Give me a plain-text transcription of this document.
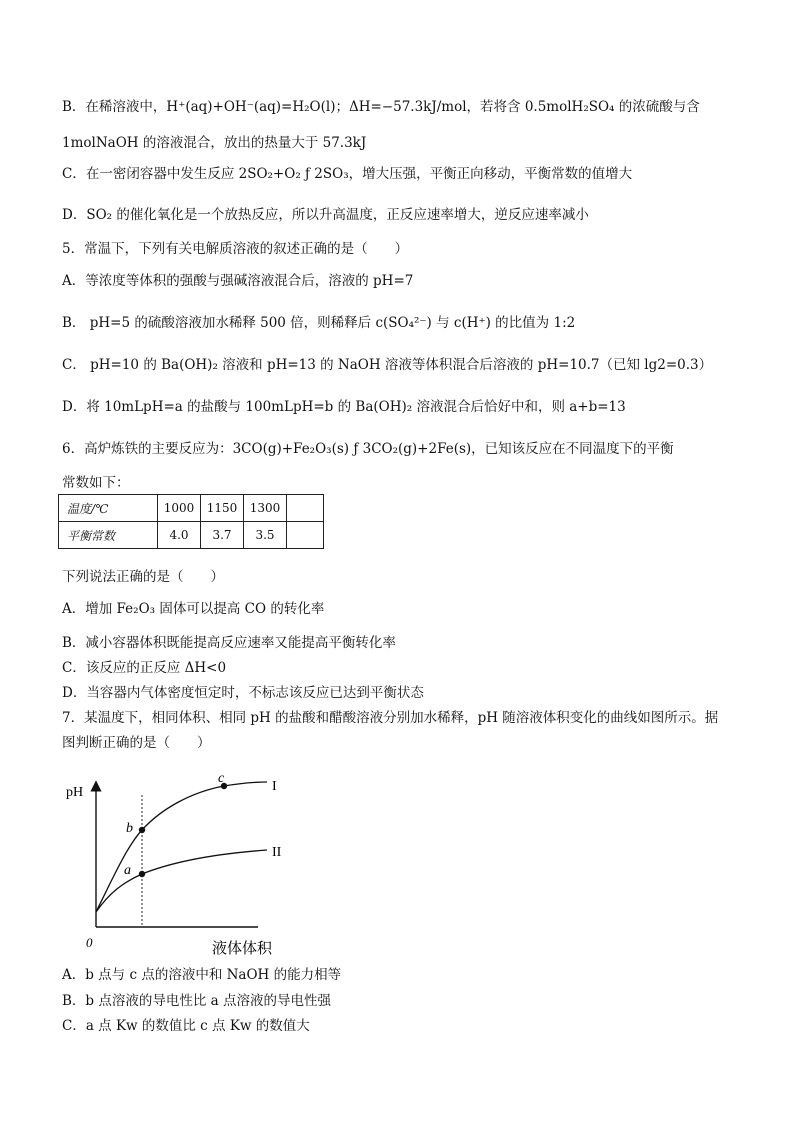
B．在稀溶液中，H⁺(aq)+OH⁻(aq)=H₂O(l)；ΔH=−57.3kJ/mol，若将含 0.5molH₂SO₄ 的浓硫酸与含
1molNaOH 的溶液混合，放出的热量大于 57.3kJ
C．在一密闭容器中发生反应 2SO₂+O₂ ƒ 2SO₃，增大压强，平衡正向移动，平衡常数的值增大
D．SO₂ 的催化氧化是一个放热反应，所以升高温度，正反应速率增大，逆反应速率减小
5．常温下，下列有关电解质溶液的叙述正确的是（　　）
A．等浓度等体积的强酸与强碱溶液混合后，溶液的 pH=7
B． pH=5 的硫酸溶液加水稀释 500 倍，则稀释后 c(SO₄²⁻) 与 c(H⁺) 的比值为 1:2
C． pH=10 的 Ba(OH)₂ 溶液和 pH=13 的 NaOH 溶液等体积混合后溶液的 pH=10.7（已知 lg2=0.3）
D．将 10mLpH=a 的盐酸与 100mLpH=b 的 Ba(OH)₂ 溶液混合后恰好中和，则 a+b=13
6．高炉炼铁的主要反应为：3CO(g)+Fe₂O₃(s) ƒ 3CO₂(g)+2Fe(s)，已知该反应在不同温度下的平衡
常数如下：
温度/℃	1000	1150	1300	
平衡常数	4.0	3.7	3.5	
下列说法正确的是（　　）
A．增加 Fe₂O₃ 固体可以提高 CO 的转化率
B．减小容器体积既能提高反应速率又能提高平衡转化率
C．该反应的正反应 ΔH<0
D．当容器内气体密度恒定时，不标志该反应已达到平衡状态
7．某温度下，相同体积、相同 pH 的盐酸和醋酸溶液分别加水稀释，pH 随溶液体积变化的曲线如图所示。据
图判断正确的是（　　）
pH
0	液体体积
I
II
b
a
c
A．b 点与 c 点的溶液中和 NaOH 的能力相等
B．b 点溶液的导电性比 a 点溶液的导电性强
C．a 点 Kw 的数值比 c 点 Kw 的数值大
